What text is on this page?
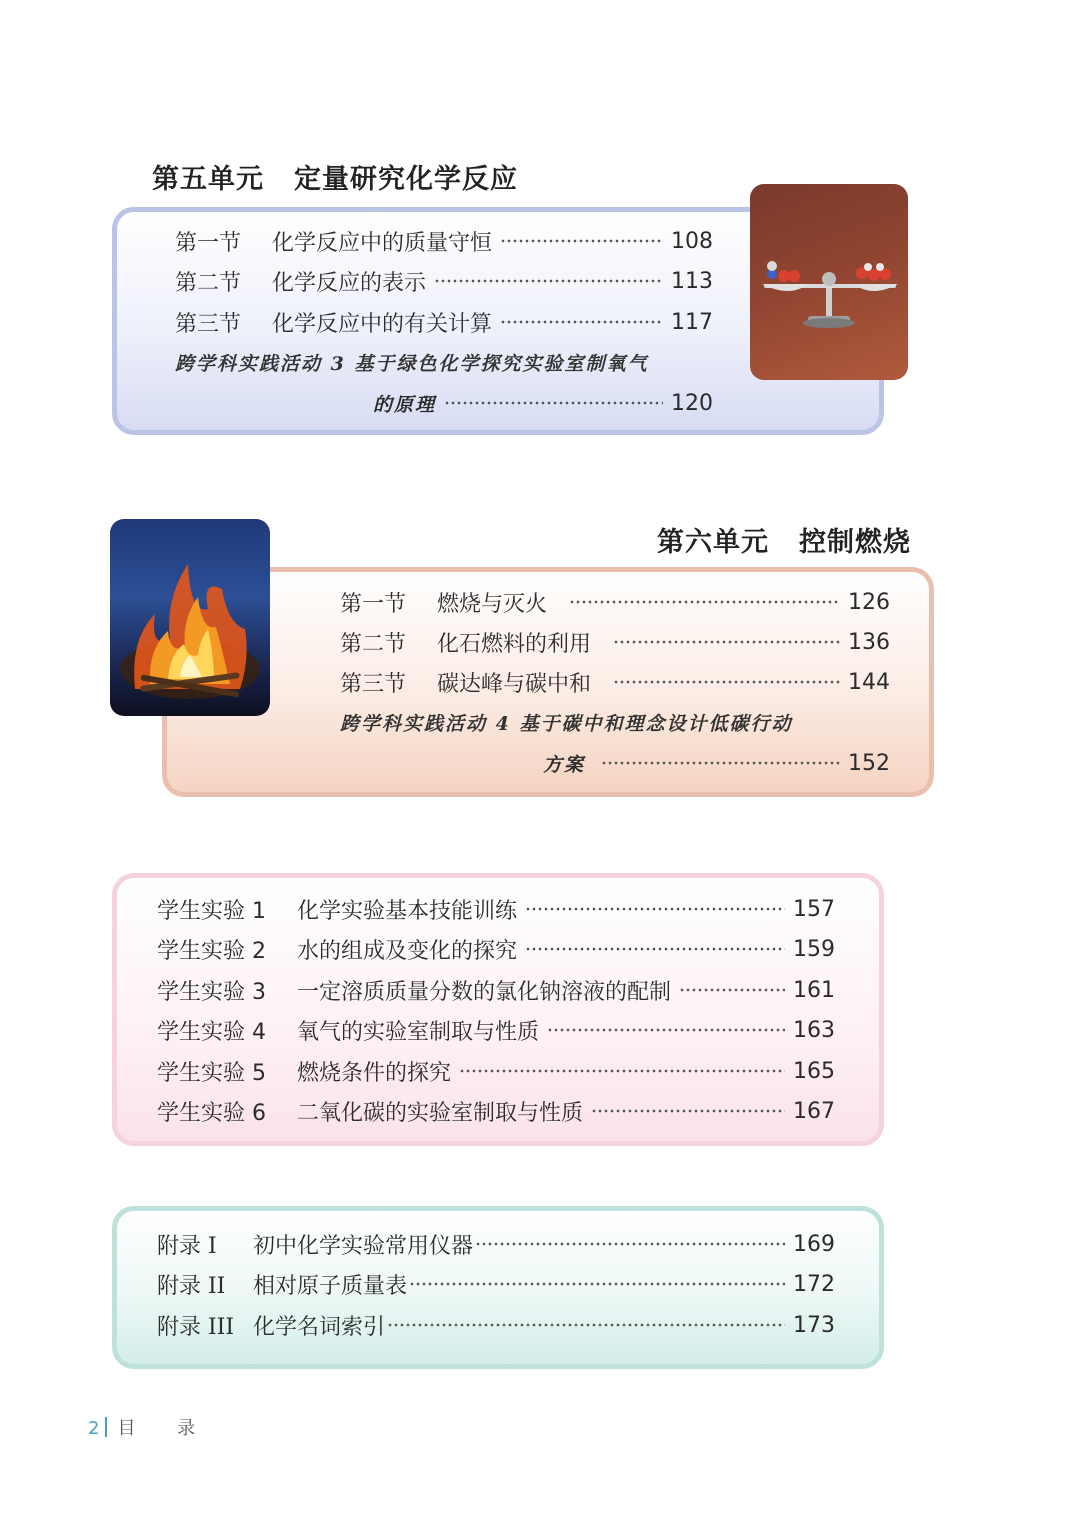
第五单元 定量研究化学反应
第一节	化学反应中的质量守恒	108
第二节	化学反应的表示	113
第三节	化学反应中的有关计算	117
跨学科实践活动 3 基于绿色化学探究实验室制氧气
的原理	120
第六单元 控制燃烧
第一节	燃烧与灭火	126
第二节	化石燃料的利用	136
第三节	碳达峰与碳中和	144
跨学科实践活动 4 基于碳中和理念设计低碳行动
方案	152
学生实验 1	化学实验基本技能训练	157
学生实验 2	水的组成及变化的探究	159
学生实验 3	一定溶质质量分数的氯化钠溶液的配制	161
学生实验 4	氧气的实验室制取与性质	163
学生实验 5	燃烧条件的探究	165
学生实验 6	二氧化碳的实验室制取与性质	167
附录 I	初中化学实验常用仪器	169
附录 II	相对原子质量表	172
附录 III 化学名词索引	173
2 目 录
